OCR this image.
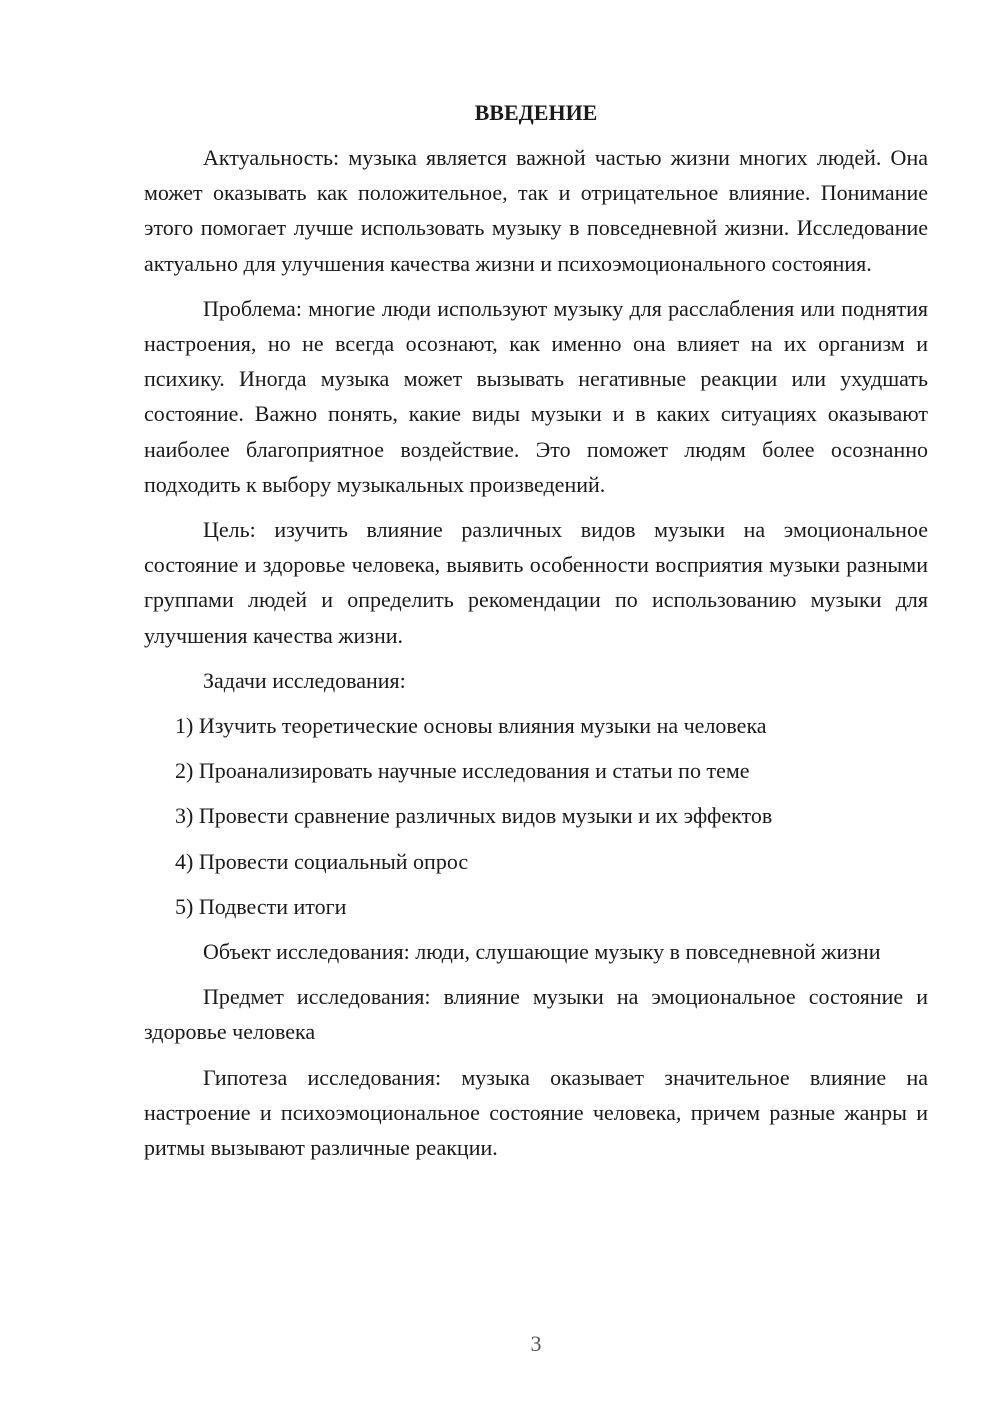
ВВЕДЕНИЕ

Актуальность: музыка является важной частью жизни многих людей. Она может оказывать как положительное, так и отрицательное влияние. Понимание этого помогает лучше использовать музыку в повседневной жизни. Исследование актуально для улучшения качества жизни и психоэмоционального состояния.

Проблема: многие люди используют музыку для расслабления или поднятия настроения, но не всегда осознают, как именно она влияет на их организм и психику. Иногда музыка может вызывать негативные реакции или ухудшать состояние. Важно понять, какие виды музыки и в каких ситуациях оказывают наиболее благоприятное воздействие. Это поможет людям более осознанно подходить к выбору музыкальных произведений.

Цель: изучить влияние различных видов музыки на эмоциональное состояние и здоровье человека, выявить особенности восприятия музыки разными группами людей и определить рекомендации по использованию музыки для улучшения качества жизни.

Задачи исследования:

1) Изучить теоретические основы влияния музыки на человека

2) Проанализировать научные исследования и статьи по теме

3) Провести сравнение различных видов музыки и их эффектов

4) Провести социальный опрос

5) Подвести итоги

Объект исследования: люди, слушающие музыку в повседневной жизни

Предмет исследования: влияние музыки на эмоциональное состояние и здоровье человека

Гипотеза исследования: музыка оказывает значительное влияние на настроение и психоэмоциональное состояние человека, причем разные жанры и ритмы вызывают различные реакции.

3
